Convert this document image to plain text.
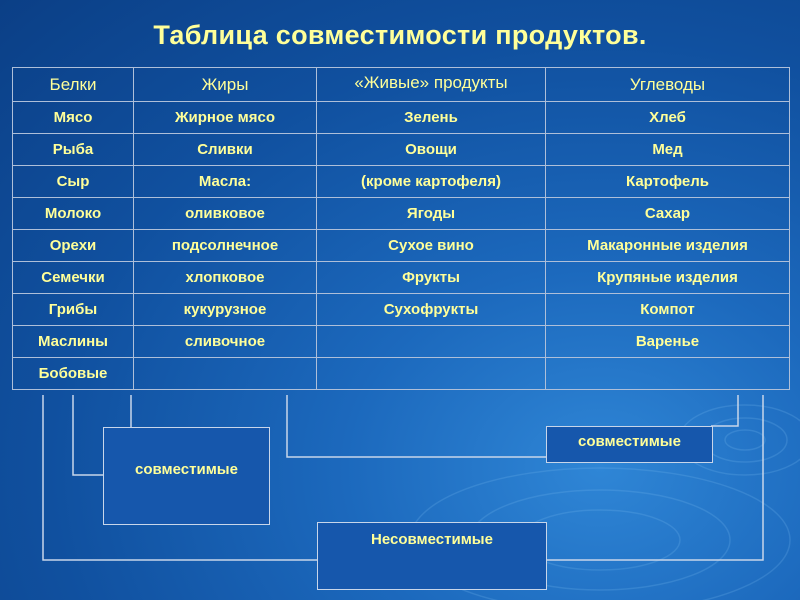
Таблица совместимости продуктов.
Белки	Жиры	«Живые» продукты	Углеводы
Мясо	Жирное мясо	Зелень	Хлеб
Рыба	Сливки	Овощи	Мед
Сыр	Масла:	(кроме картофеля)	Картофель
Молоко	оливковое	Ягоды	Сахар
Орехи	подсолнечное	Сухое вино	Макаронные изделия
Семечки	хлопковое	Фрукты	Крупяные изделия
Грибы	кукурузное	Сухофрукты	Компот
Маслины	сливочное		Варенье
Бобовые			
совместимые
совместимые
Несовместимые
